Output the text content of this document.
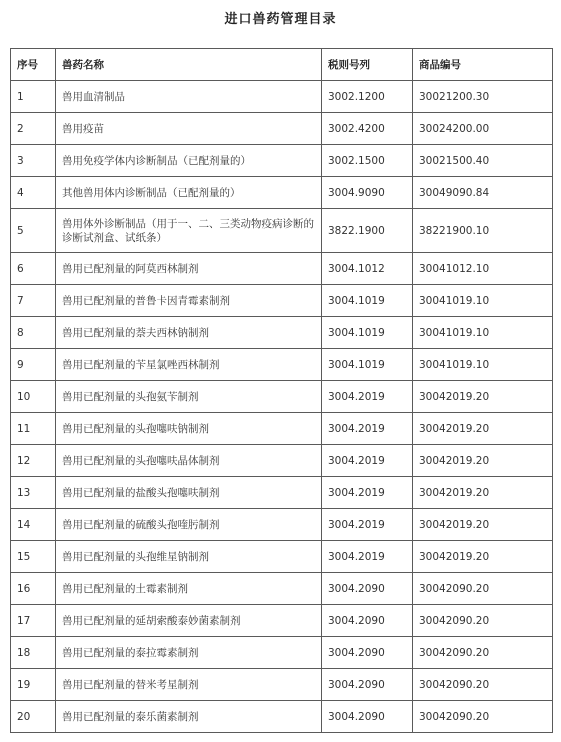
进口兽药管理目录
序号	兽药名称	税则号列	商品编号
1	兽用血清制品	3002.1200	30021200.30
2	兽用疫苗	3002.4200	30024200.00
3	兽用免疫学体内诊断制品（已配剂量的）	3002.1500	30021500.40
4	其他兽用体内诊断制品（已配剂量的）	3004.9090	30049090.84
5	兽用体外诊断制品（用于一、二、三类动物疫病诊断的诊断试剂盒、试纸条）	3822.1900	38221900.10
6	兽用已配剂量的阿莫西林制剂	3004.1012	30041012.10
7	兽用已配剂量的普鲁卡因青霉素制剂	3004.1019	30041019.10
8	兽用已配剂量的萘夫西林钠制剂	3004.1019	30041019.10
9	兽用已配剂量的苄星氯唑西林制剂	3004.1019	30041019.10
10	兽用已配剂量的头孢氨苄制剂	3004.2019	30042019.20
11	兽用已配剂量的头孢噻呋钠制剂	3004.2019	30042019.20
12	兽用已配剂量的头孢噻呋晶体制剂	3004.2019	30042019.20
13	兽用已配剂量的盐酸头孢噻呋制剂	3004.2019	30042019.20
14	兽用已配剂量的硫酸头孢喹肟制剂	3004.2019	30042019.20
15	兽用已配剂量的头孢维星钠制剂	3004.2019	30042019.20
16	兽用已配剂量的土霉素制剂	3004.2090	30042090.20
17	兽用已配剂量的延胡索酸泰妙菌素制剂	3004.2090	30042090.20
18	兽用已配剂量的泰拉霉素制剂	3004.2090	30042090.20
19	兽用已配剂量的替米考星制剂	3004.2090	30042090.20
20	兽用已配剂量的泰乐菌素制剂	3004.2090	30042090.20
